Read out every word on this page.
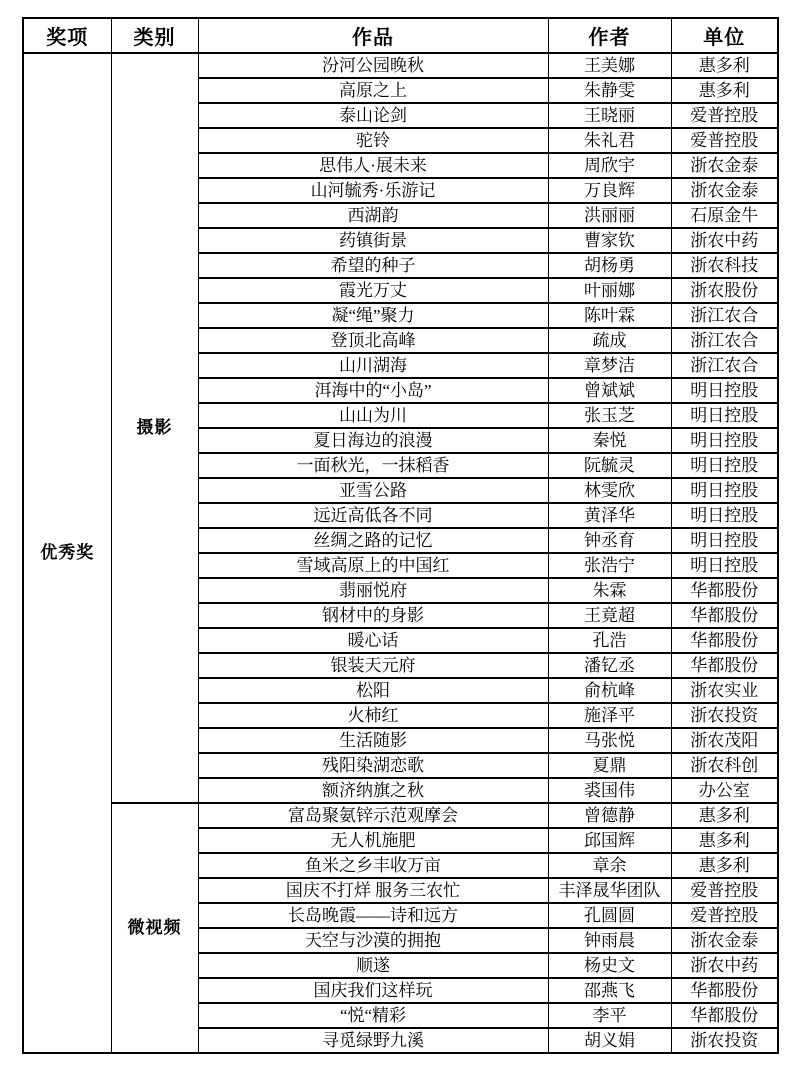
奖项	类别	作品	作者	单位
优秀奖	摄影	汾河公园晚秋	王美娜	惠多利
		高原之上	朱静雯	惠多利
		泰山论剑	王晓丽	爱普控股
		驼铃	朱礼君	爱普控股
		思伟人·展未来	周欣宇	浙农金泰
		山河毓秀·乐游记	万良辉	浙农金泰
		西湖韵	洪丽丽	石原金牛
		药镇街景	曹家钦	浙农中药
		希望的种子	胡杨勇	浙农科技
		霞光万丈	叶丽娜	浙农股份
		凝“绳”聚力	陈叶霖	浙江农合
		登顶北高峰	疏成	浙江农合
		山川湖海	章梦洁	浙江农合
		洱海中的“小岛”	曾斌斌	明日控股
		山山为川	张玉芝	明日控股
		夏日海边的浪漫	秦悦	明日控股
		一面秋光，一抹稻香	阮毓灵	明日控股
		亚雪公路	林雯欣	明日控股
		远近高低各不同	黄泽华	明日控股
		丝绸之路的记忆	钟丞育	明日控股
		雪域高原上的中国红	张浩宁	明日控股
		翡丽悦府	朱霖	华都股份
		钢材中的身影	王竟超	华都股份
		暖心话	孔浩	华都股份
		银装天元府	潘钇丞	华都股份
		松阳	俞杭峰	浙农实业
		火柿红	施泽平	浙农投资
		生活随影	马张悦	浙农茂阳
		残阳染湖恋歌	夏鼎	浙农科创
		额济纳旗之秋	裘国伟	办公室
	微视频	富岛聚氨锌示范观摩会	曾德静	惠多利
		无人机施肥	邱国辉	惠多利
		鱼米之乡丰收万亩	章余	惠多利
		国庆不打烊 服务三农忙	丰泽晟华团队	爱普控股
		长岛晚霞——诗和远方	孔圆圆	爱普控股
		天空与沙漠的拥抱	钟雨晨	浙农金泰
		顺遂	杨史文	浙农中药
		国庆我们这样玩	邵燕飞	华都股份
		“悦“精彩	李平	华都股份
		寻觅绿野九溪	胡义娟	浙农投资
